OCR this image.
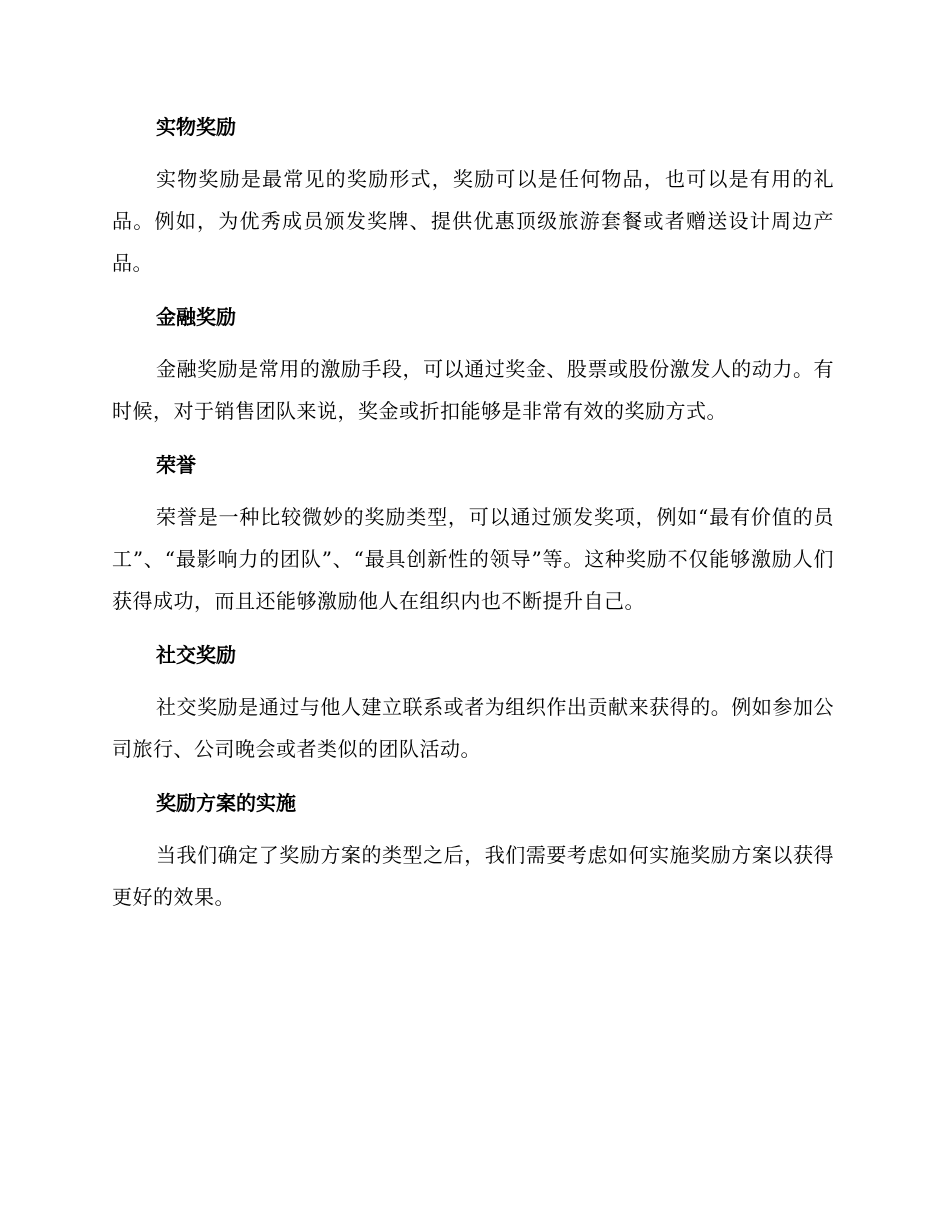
实物奖励

实物奖励是最常见的奖励形式，奖励可以是任何物品，也可以是有用的礼品。例如，为优秀成员颁发奖牌、提供优惠顶级旅游套餐或者赠送设计周边产品。

金融奖励

金融奖励是常用的激励手段，可以通过奖金、股票或股份激发人的动力。有时候，对于销售团队来说，奖金或折扣能够是非常有效的奖励方式。

荣誉

荣誉是一种比较微妙的奖励类型，可以通过颁发奖项，例如“最有价值的员工”、“最影响力的团队”、“最具创新性的领导”等。这种奖励不仅能够激励人们获得成功，而且还能够激励他人在组织内也不断提升自己。

社交奖励

社交奖励是通过与他人建立联系或者为组织作出贡献来获得的。例如参加公司旅行、公司晚会或者类似的团队活动。

奖励方案的实施

当我们确定了奖励方案的类型之后，我们需要考虑如何实施奖励方案以获得更好的效果。
